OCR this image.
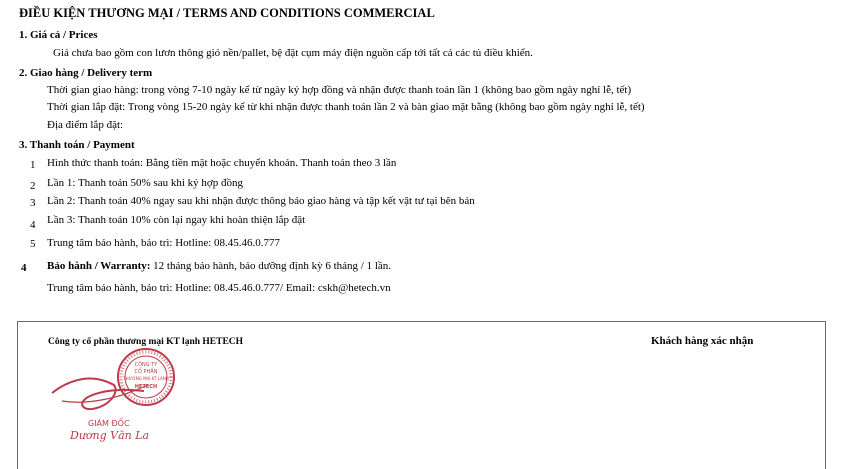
ĐIỀU KIỆN THƯƠNG MẠI / TERMS AND CONDITIONS COMMERCIAL
1. Giá cả / Prices
Giá chưa bao gồm con lươn thông gió nền/pallet, bệ đặt cụm máy điện nguồn cấp tới tất cả các tủ điều khiển.
2. Giao hàng / Delivery term
Thời gian giao hàng: trong vòng 7-10 ngày kể từ ngày ký hợp đồng và nhận được thanh toán lần 1 (không bao gồm ngày nghỉ lễ, tết)
Thời gian lắp đặt: Trong vòng 15-20 ngày kể từ khi nhận được thanh toán lần 2 và bàn giao mặt bằng (không bao gồm ngày nghỉ lễ, tết)
Địa điểm lắp đặt:
3. Thanh toán / Payment
1	Hình thức thanh toán: Bằng tiền mặt hoặc chuyển khoản. Thanh toán theo 3 lần
2	Lần 1: Thanh toán 50% sau khi ký hợp đồng
3	Lần 2: Thanh toán 40% ngay sau khi nhận được thông báo giao hàng và tập kết vật tư tại bên bán
4	Lần 3: Thanh toán 10% còn lại ngay khi hoàn thiện lắp đặt
5	Trung tâm bảo hành, bảo trì: Hotline: 08.45.46.0.777
4 Bảo hành / Warranty: 12 tháng bảo hành, bảo dưỡng định kỳ 6 tháng / 1 lần.
Trung tâm bảo hành, bảo trì: Hotline: 08.45.46.0.777/ Email: cskh@hetech.vn
Công ty cổ phần thương mại KT lạnh HETECH	Khách hàng xác nhận
CÔNG TY
CỔ PHẦN
THƯƠNG MẠI KT LẠNH
HETECH
GIÁM ĐỐC
Dương Văn La
